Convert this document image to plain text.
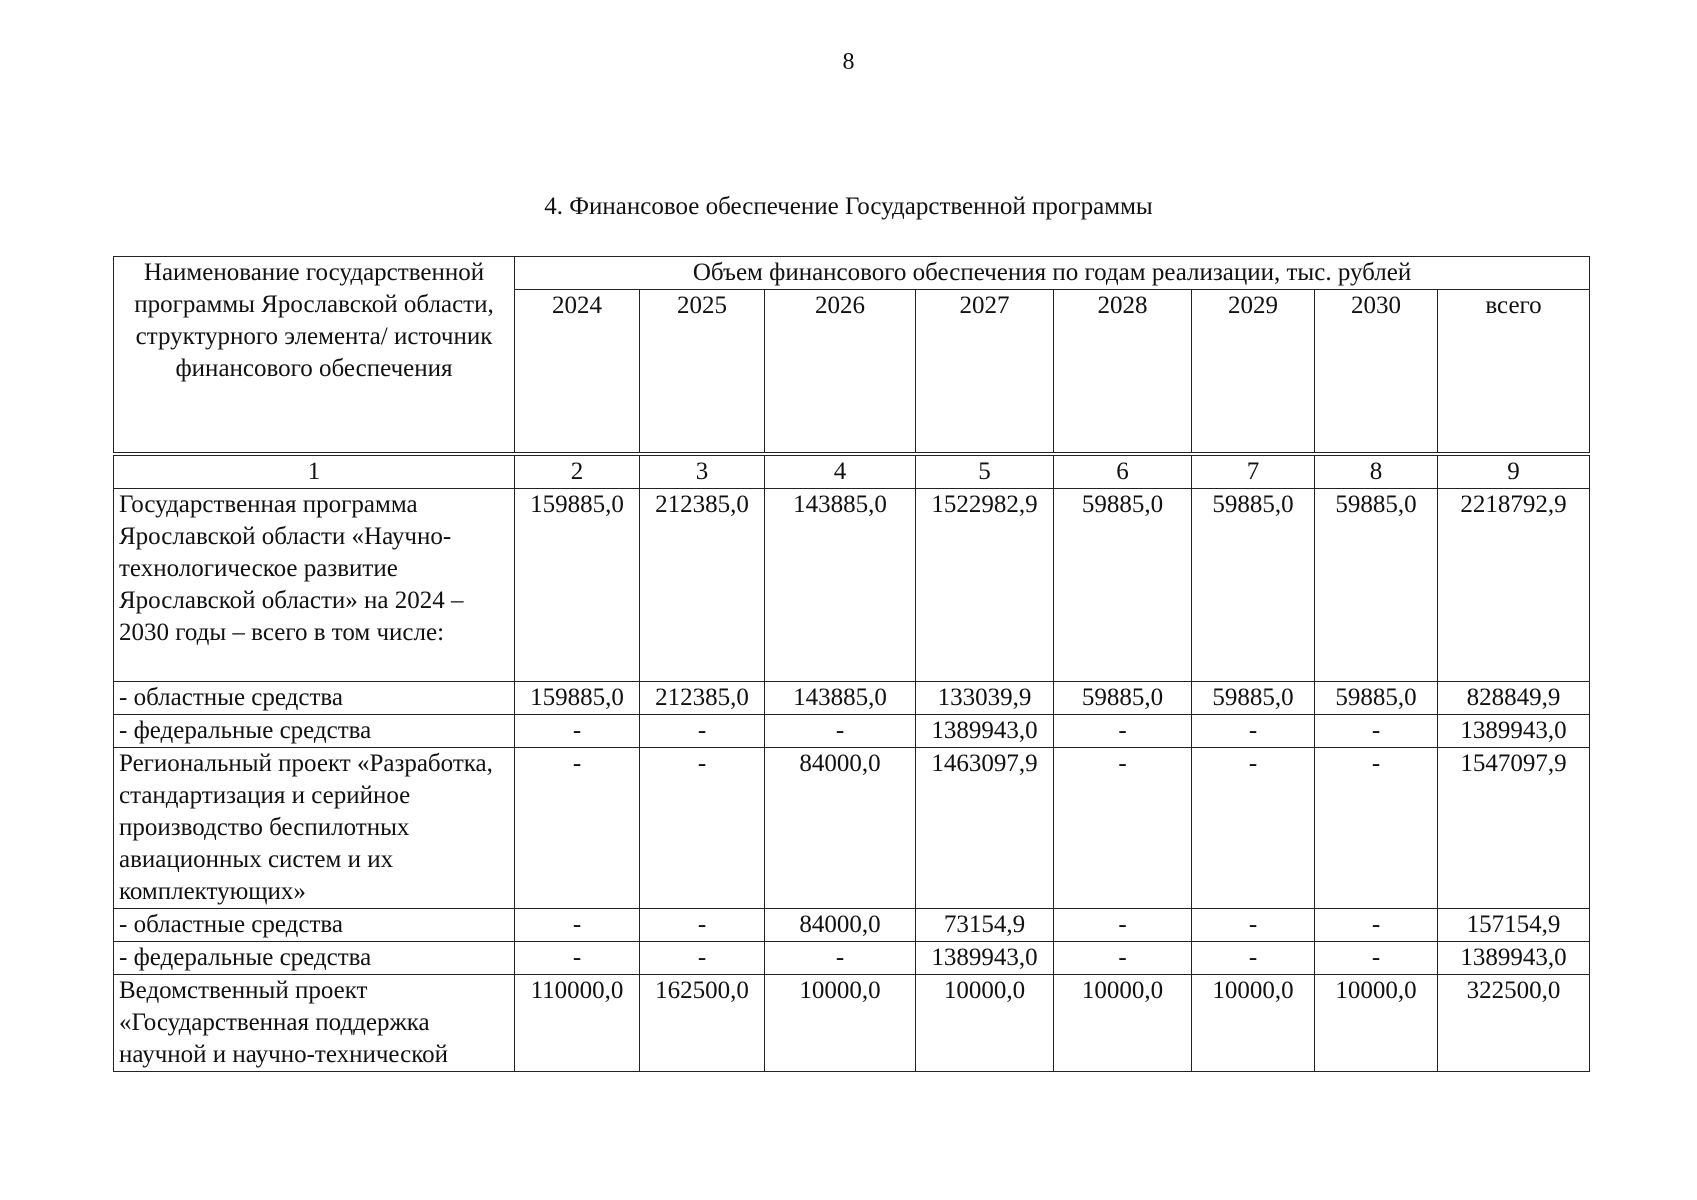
8
4. Финансовое обеспечение Государственной программы
Наименование государственной программы Ярославской области, структурного элемента/ источник финансового обеспечения	Объем финансового обеспечения по годам реализации, тыс. рублей							
	2024	2025	2026	2027	2028	2029	2030	всего
1	2	3	4	5	6	7	8	9
Государственная программа Ярославской области «Научно-технологическое развитие Ярославской области» на 2024 – 2030 годы – всего в том числе:	159885,0	212385,0	143885,0	1522982,9	59885,0	59885,0	59885,0	2218792,9
- областные средства	159885,0	212385,0	143885,0	133039,9	59885,0	59885,0	59885,0	828849,9
- федеральные средства	-	-	-	1389943,0	-	-	-	1389943,0
Региональный проект «Разработка, стандартизация и серийное производство беспилотных авиационных систем и их комплектующих»	-	-	84000,0	1463097,9	-	-	-	1547097,9
- областные средства	-	-	84000,0	73154,9	-	-	-	157154,9
- федеральные средства	-	-	-	1389943,0	-	-	-	1389943,0
Ведомственный проект «Государственная поддержка научной и научно-технической	110000,0	162500,0	10000,0	10000,0	10000,0	10000,0	10000,0	322500,0
